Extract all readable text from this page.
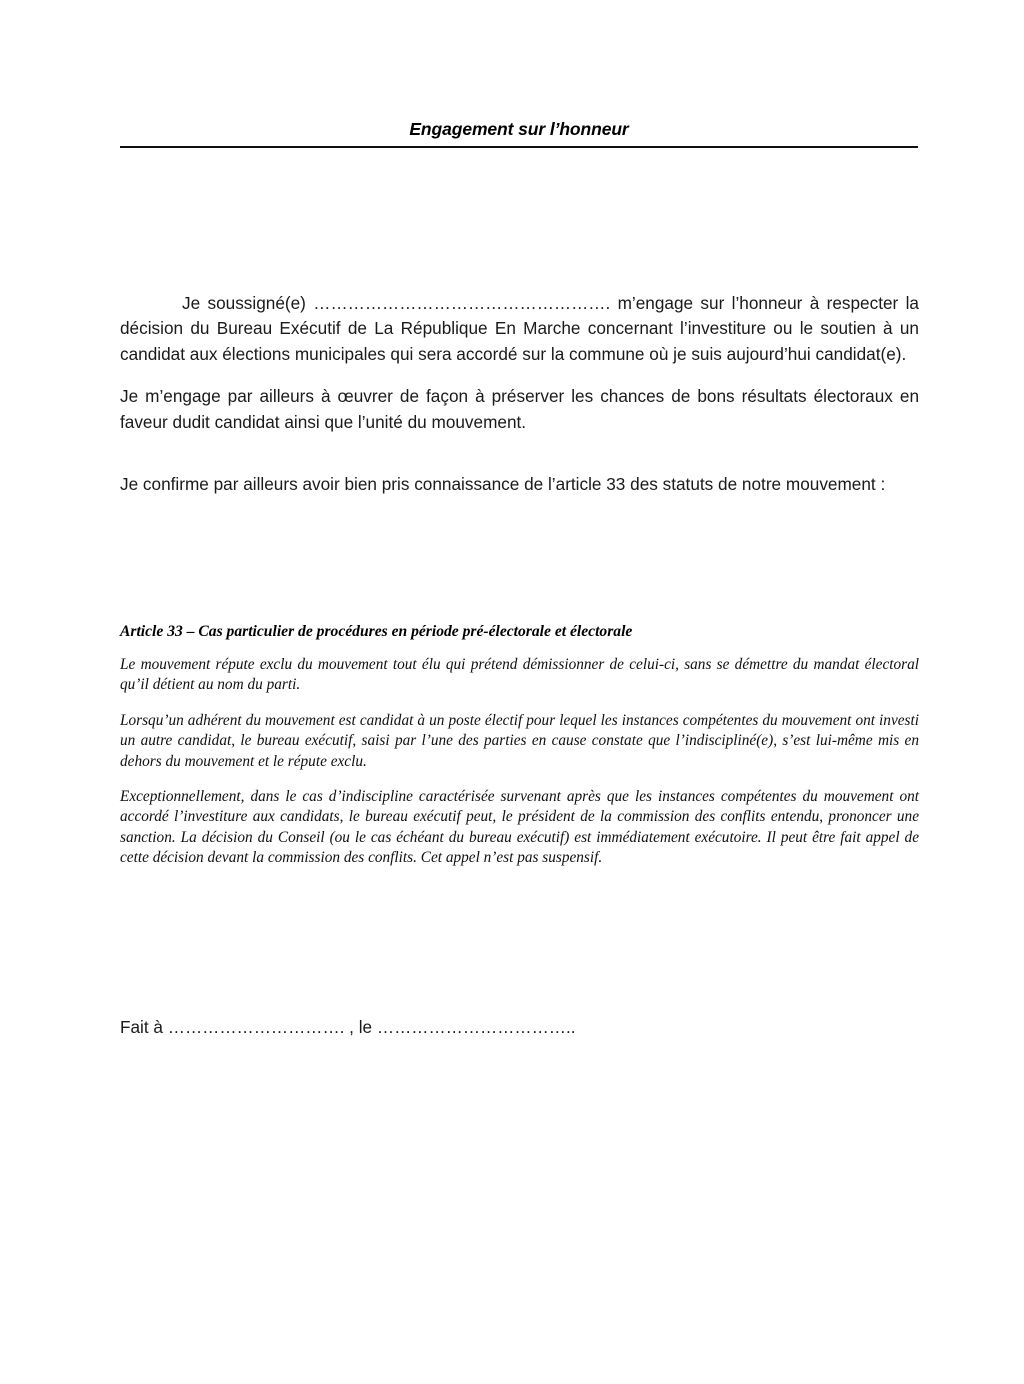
Engagement sur l’honneur

Je soussigné(e) ……………………………………………. m’engage sur l’honneur à respecter la décision du Bureau Exécutif de La République En Marche concernant l’investiture ou le soutien à un candidat aux élections municipales qui sera accordé sur la commune où je suis aujourd’hui candidat(e).

Je m’engage par ailleurs à œuvrer de façon à préserver les chances de bons résultats électoraux en faveur dudit candidat ainsi que l’unité du mouvement.

Je confirme par ailleurs avoir bien pris connaissance de l’article 33 des statuts de notre mouvement :

Article 33 – Cas particulier de procédures en période pré-électorale et électorale

Le mouvement répute exclu du mouvement tout élu qui prétend démissionner de celui-ci, sans se démettre du mandat électoral qu’il détient au nom du parti.

Lorsqu’un adhérent du mouvement est candidat à un poste électif pour lequel les instances compétentes du mouvement ont investi un autre candidat, le bureau exécutif, saisi par l’une des parties en cause constate que l’indiscipliné(e), s’est lui-même mis en dehors du mouvement et le répute exclu.

Exceptionnellement, dans le cas d’indiscipline caractérisée survenant après que les instances compétentes du mouvement ont accordé l’investiture aux candidats, le bureau exécutif peut, le président de la commission des conflits entendu, prononcer une sanction. La décision du Conseil (ou le cas échéant du bureau exécutif) est immédiatement exécutoire. Il peut être fait appel de cette décision devant la commission des conflits. Cet appel n’est pas suspensif.

Fait à …………………………. , le ……………………………..
